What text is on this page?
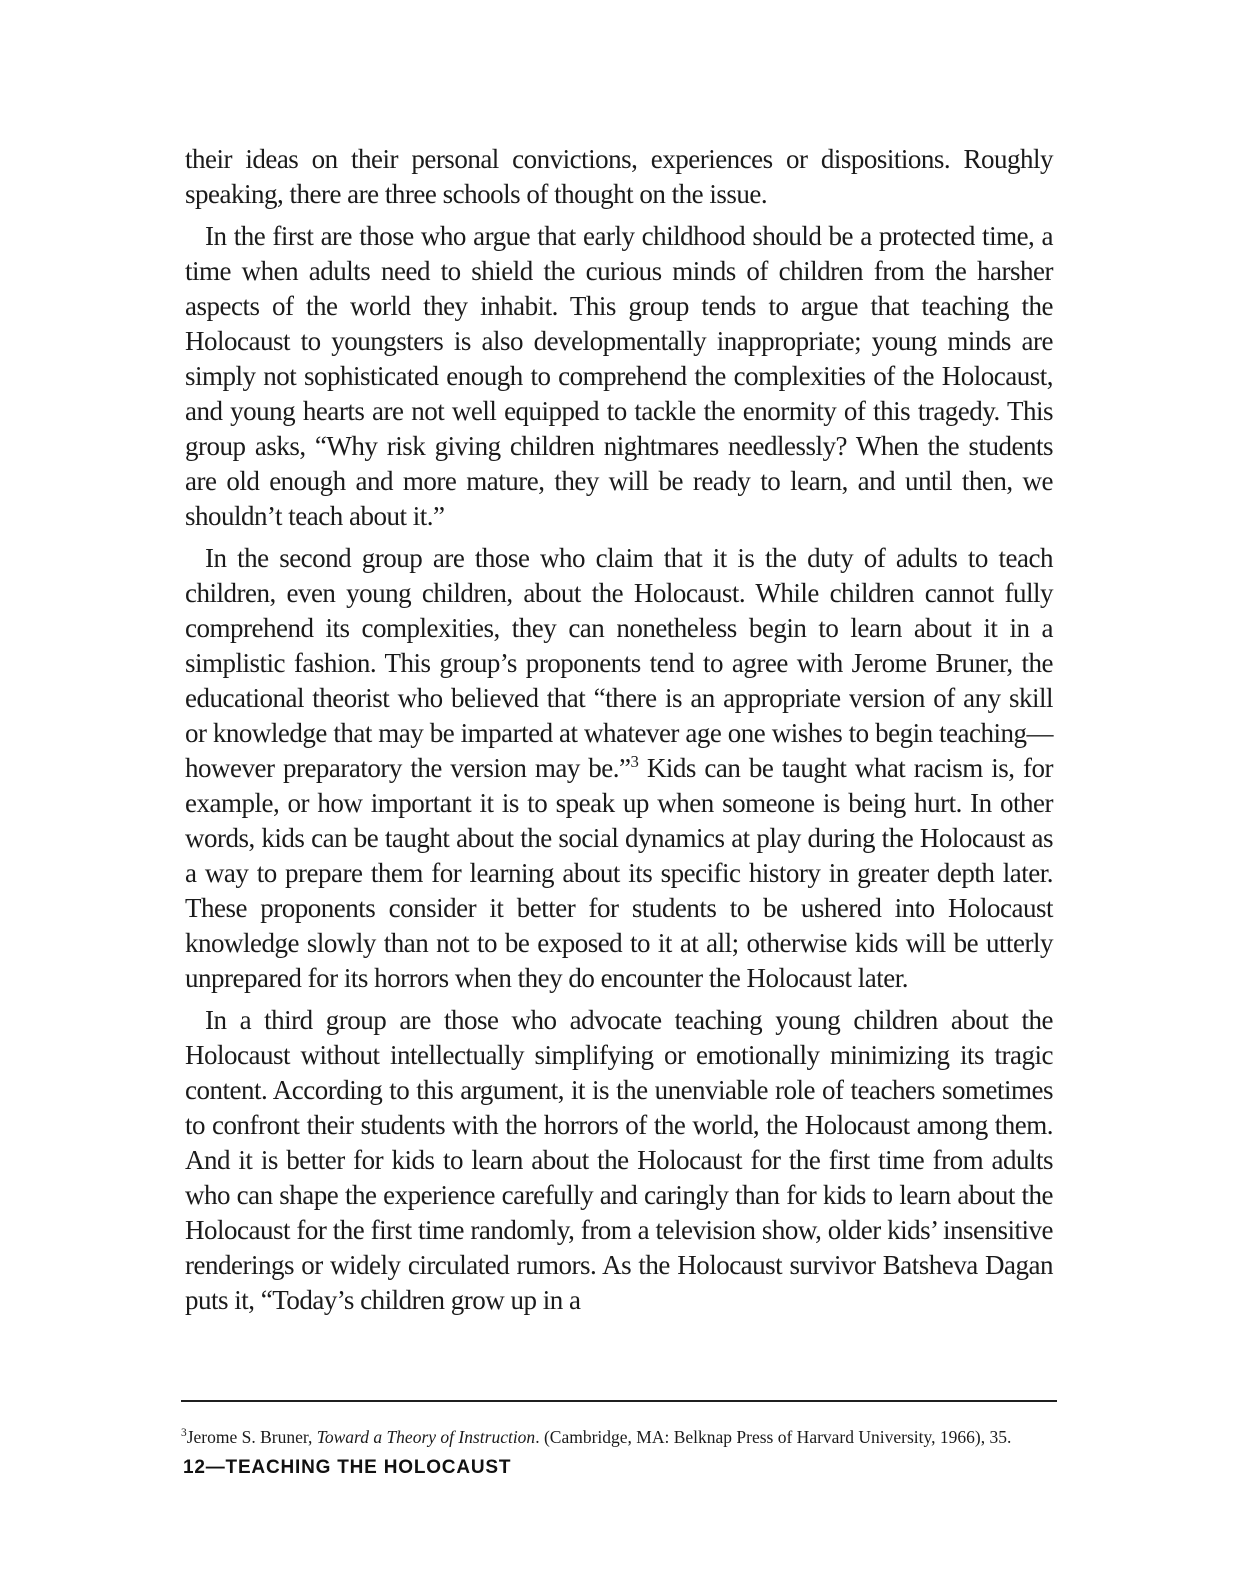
their ideas on their personal convictions, experiences or dispositions. Roughly speaking, there are three schools of thought on the issue.

In the first are those who argue that early childhood should be a protected time, a time when adults need to shield the curious minds of children from the harsher aspects of the world they inhabit. This group tends to argue that teaching the Holocaust to youngsters is also developmentally inappropriate; young minds are simply not sophisticated enough to comprehend the complexities of the Holocaust, and young hearts are not well equipped to tackle the enormity of this tragedy. This group asks, “Why risk giving children nightmares needlessly? When the students are old enough and more mature, they will be ready to learn, and until then, we shouldn’t teach about it.”

In the second group are those who claim that it is the duty of adults to teach children, even young children, about the Holocaust. While children cannot fully comprehend its complexities, they can nonetheless begin to learn about it in a simplistic fashion. This group’s proponents tend to agree with Jerome Bruner, the educational theorist who believed that “there is an appropriate version of any skill or knowledge that may be imparted at whatever age one wishes to begin teaching—however preparatory the version may be.”$^3$ Kids can be taught what racism is, for example, or how important it is to speak up when someone is being hurt. In other words, kids can be taught about the social dynamics at play during the Holocaust as a way to prepare them for learning about its specific history in greater depth later. These proponents consider it better for students to be ushered into Holocaust knowledge slowly than not to be exposed to it at all; otherwise kids will be utterly unprepared for its horrors when they do encounter the Holocaust later.

In a third group are those who advocate teaching young children about the Holocaust without intellectually simplifying or emotionally minimizing its tragic content. According to this argument, it is the unenviable role of teachers sometimes to confront their students with the horrors of the world, the Holocaust among them. And it is better for kids to learn about the Holocaust for the first time from adults who can shape the experience carefully and caringly than for kids to learn about the Holocaust for the first time randomly, from a television show, older kids’ insensitive renderings or widely circulated rumors. As the Holocaust survivor Batsheva Dagan puts it, “Today’s children grow up in a

$^3$Jerome S. Bruner, Toward a Theory of Instruction. (Cambridge, MA: Belknap Press of Harvard University, 1966), 35.

12—TEACHING THE HOLOCAUST
